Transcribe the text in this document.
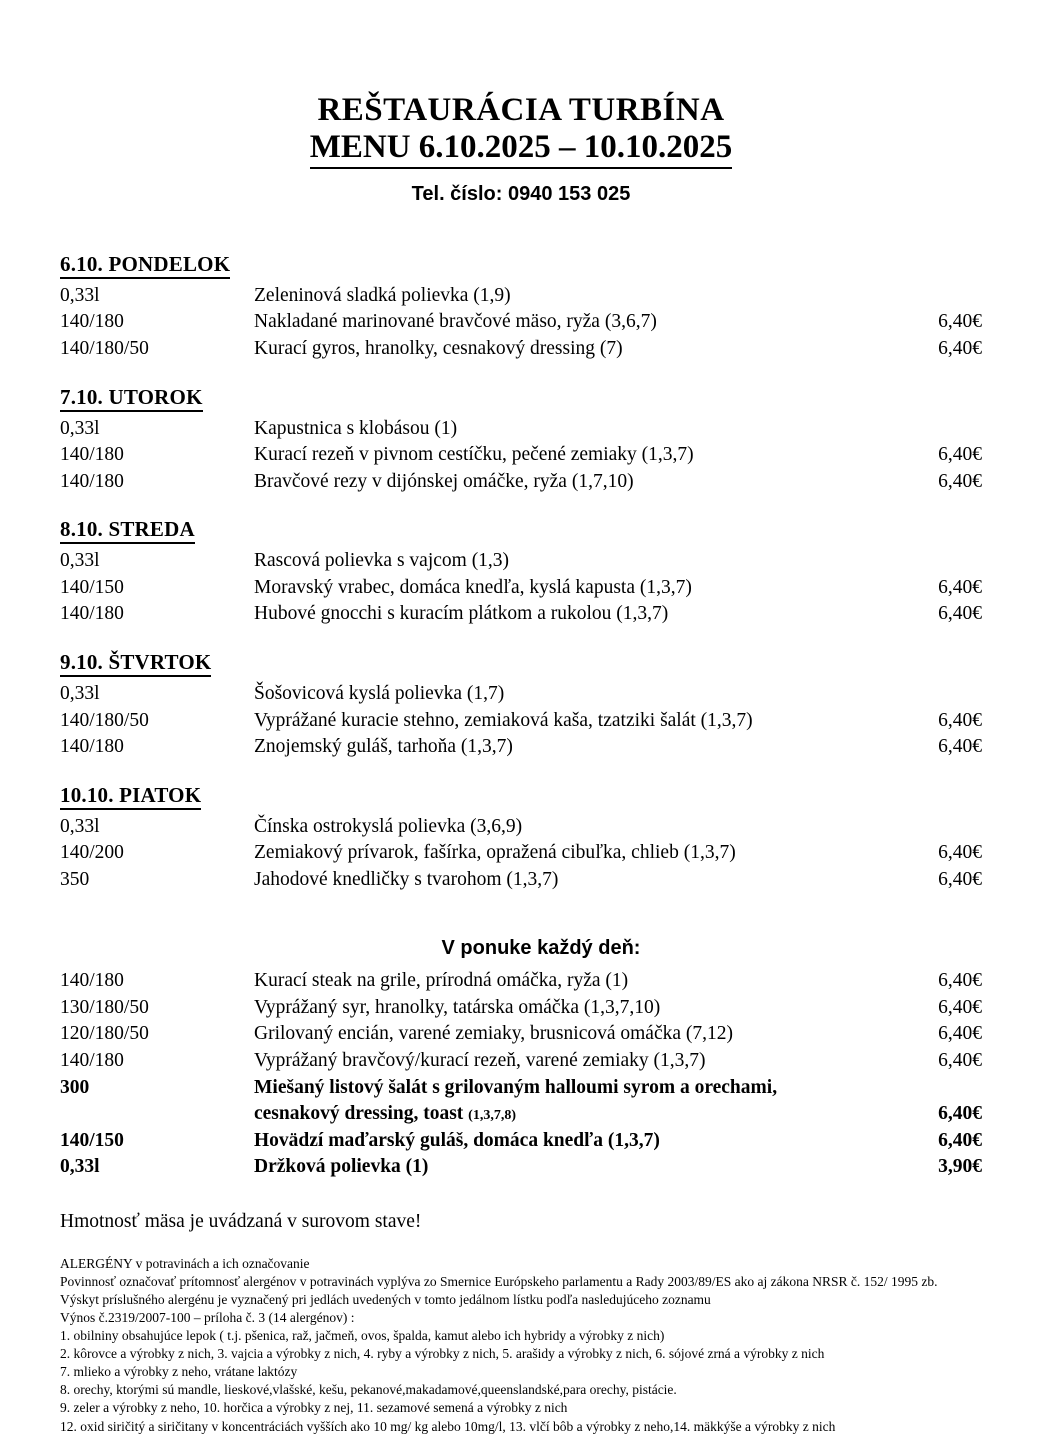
REŠTAURÁCIA TURBÍNA
MENU 6.10.2025 – 10.10.2025
Tel. číslo: 0940 153 025
6.10. PONDELOK
0,33l	Zeleninová sladká polievka (1,9)	
140/180	Nakladané marinované bravčové mäso, ryža (3,6,7)	6,40€
140/180/50	Kurací gyros, hranolky, cesnakový dressing (7)	6,40€
7.10. UTOROK
0,33l	Kapustnica s klobásou (1)	
140/180	Kurací rezeň v pivnom cestíčku, pečené zemiaky (1,3,7)	6,40€
140/180	Bravčové rezy v dijónskej omáčke, ryža (1,7,10)	6,40€
8.10. STREDA
0,33l	Rascová polievka s vajcom (1,3)	
140/150	Moravský vrabec, domáca knedľa, kyslá kapusta (1,3,7)	6,40€
140/180	Hubové gnocchi s kuracím plátkom a rukolou (1,3,7)	6,40€
9.10. ŠTVRTOK
0,33l	Šošovicová kyslá polievka (1,7)	
140/180/50	Vyprážané kuracie stehno, zemiaková kaša, tzatziki šalát (1,3,7)	6,40€
140/180	Znojemský guláš, tarhoňa (1,3,7)	6,40€
10.10. PIATOK
0,33l	Čínska ostrokyslá polievka (3,6,9)	
140/200	Zemiakový prívarok, fašírka, opražená cibuľka, chlieb (1,3,7)	6,40€
350	Jahodové knedličky s tvarohom (1,3,7)	6,40€
V ponuke každý deň:
140/180	Kurací steak na grile, prírodná omáčka, ryža (1)	6,40€
130/180/50	Vyprážaný syr, hranolky, tatárska omáčka (1,3,7,10)	6,40€
120/180/50	Grilovaný encián, varené zemiaky, brusnicová omáčka (7,12)	6,40€
140/180	Vyprážaný bravčový/kurací rezeň, varené zemiaky (1,3,7)	6,40€
300	Miešaný listový šalát s grilovaným halloumi syrom a orechami,	
	cesnakový dressing, toast (1,3,7,8)	6,40€
140/150	Hovädzí maďarský guláš, domáca knedľa (1,3,7)	6,40€
0,33l	Držková polievka (1)	3,90€
Hmotnosť mäsa je uvádzaná v surovom stave!
ALERGÉNY v potravinách a ich označovanie
Povinnosť označovať prítomnosť alergénov v potravinách vyplýva zo Smernice Európskeho parlamentu a Rady 2003/89/ES ako aj zákona NRSR č. 152/ 1995 zb.
Výskyt príslušného alergénu je vyznačený pri jedlách uvedených v tomto jedálnom lístku podľa nasledujúceho zoznamu
Výnos č.2319/2007-100 – príloha č. 3 (14 alergénov) :
1. obilniny obsahujúce lepok ( t.j. pšenica, raž, jačmeň, ovos, špalda, kamut alebo ich hybridy a výrobky z nich)
2. kôrovce a výrobky z nich, 3. vajcia a výrobky z nich, 4. ryby a výrobky z nich, 5. arašidy a výrobky z nich, 6. sójové zrná a výrobky z nich
7. mlieko a výrobky z neho, vrátane laktózy
8. orechy, ktorými sú mandle, lieskové,vlašské, kešu, pekanové,makadamové,queenslandské,para orechy, pistácie.
9. zeler a výrobky z neho, 10. horčica a výrobky z nej, 11. sezamové semená a výrobky z nich
12. oxid siričitý a siričitany v koncentráciách vyšších ako 10 mg/ kg alebo 10mg/l, 13. vlčí bôb a výrobky z neho,14. mäkkýše a výrobky z nich
